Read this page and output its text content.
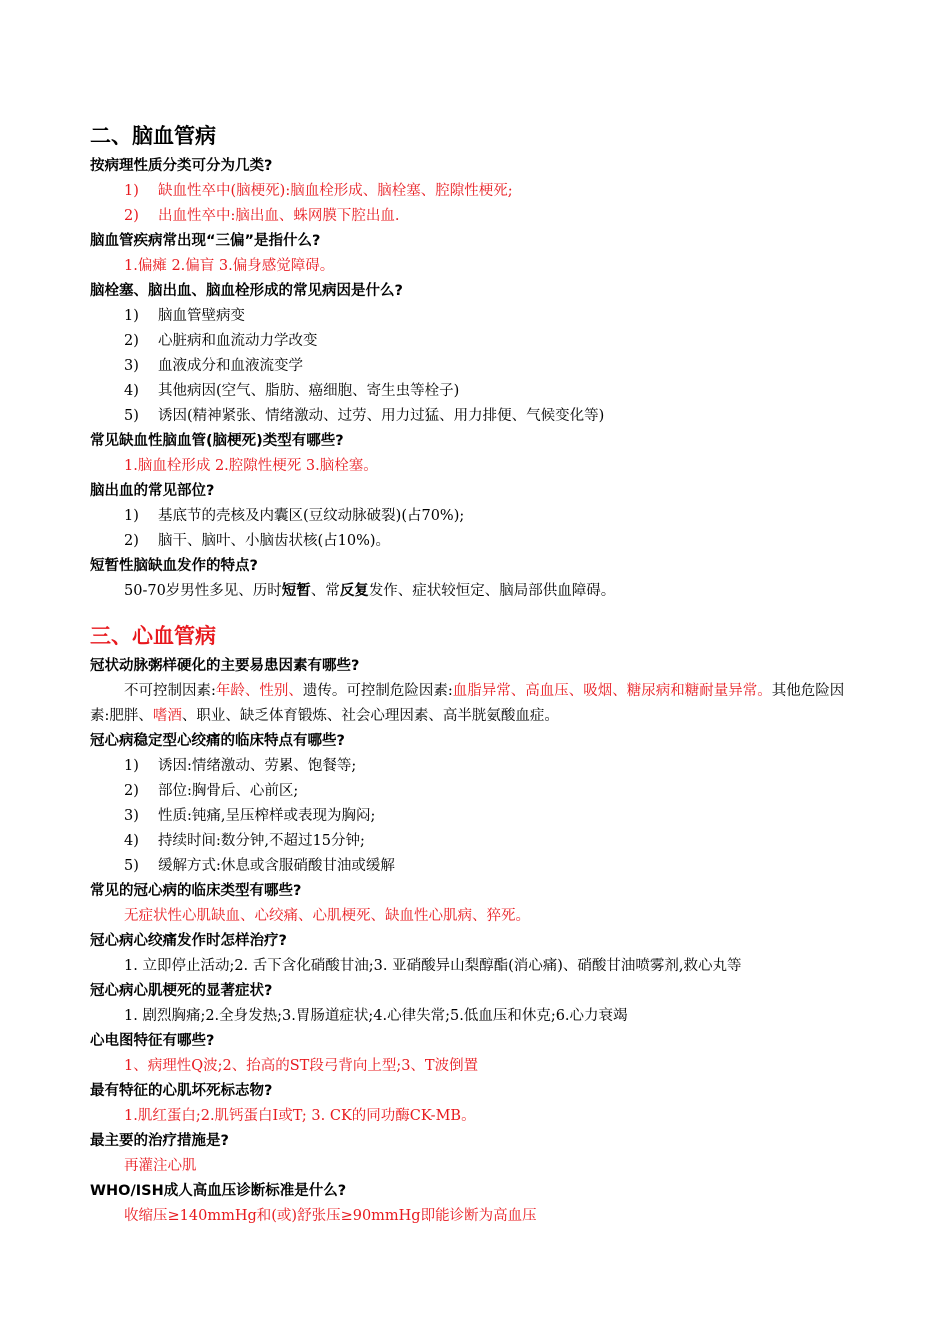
二、脑血管病
按病理性质分类可分为几类?
1) 缺血性卒中(脑梗死):脑血栓形成、脑栓塞、腔隙性梗死;
2) 出血性卒中:脑出血、蛛网膜下腔出血.
脑血管疾病常出现“三偏”是指什么?
1.偏瘫 2.偏盲 3.偏身感觉障碍。
脑栓塞、脑出血、脑血栓形成的常见病因是什么?
1) 脑血管壁病变
2) 心脏病和血流动力学改变
3) 血液成分和血液流变学
4) 其他病因(空气、脂肪、癌细胞、寄生虫等栓子)
5) 诱因(精神紧张、情绪激动、过劳、用力过猛、用力排便、气候变化等)
常见缺血性脑血管(脑梗死)类型有哪些?
1.脑血栓形成 2.腔隙性梗死 3.脑栓塞。
脑出血的常见部位?
1) 基底节的壳核及内囊区(豆纹动脉破裂)(占70%);
2) 脑干、脑叶、小脑齿状核(占10%)。
短暂性脑缺血发作的特点?
50-70岁男性多见、历时短暂、常反复发作、症状较恒定、脑局部供血障碍。
三、心血管病
冠状动脉粥样硬化的主要易患因素有哪些?
不可控制因素:年龄、性别、遗传。可控制危险因素:血脂异常、高血压、吸烟、糖尿病和糖耐量异常。其他危险因素:肥胖、嗜酒、职业、缺乏体育锻炼、社会心理因素、高半胱氨酸血症。
冠心病稳定型心绞痛的临床特点有哪些?
1) 诱因:情绪激动、劳累、饱餐等;
2) 部位:胸骨后、心前区;
3) 性质:钝痛,呈压榨样或表现为胸闷;
4) 持续时间:数分钟,不超过15分钟;
5) 缓解方式:休息或含服硝酸甘油或缓解
常见的冠心病的临床类型有哪些?
无症状性心肌缺血、心绞痛、心肌梗死、缺血性心肌病、猝死。
冠心病心绞痛发作时怎样治疗?
1. 立即停止活动;2. 舌下含化硝酸甘油;3. 亚硝酸异山梨醇酯(消心痛)、硝酸甘油喷雾剂,救心丸等
冠心病心肌梗死的显著症状?
1. 剧烈胸痛;2.全身发热;3.胃肠道症状;4.心律失常;5.低血压和休克;6.心力衰竭
心电图特征有哪些?
1、病理性Q波;2、抬高的ST段弓背向上型;3、T波倒置
最有特征的心肌坏死标志物?
1.肌红蛋白;2.肌钙蛋白I或T; 3. CK的同功酶CK-MB。
最主要的治疗措施是?
再灌注心肌
WHO/ISH成人高血压诊断标准是什么?
收缩压≥140mmHg和(或)舒张压≥90mmHg即能诊断为高血压
